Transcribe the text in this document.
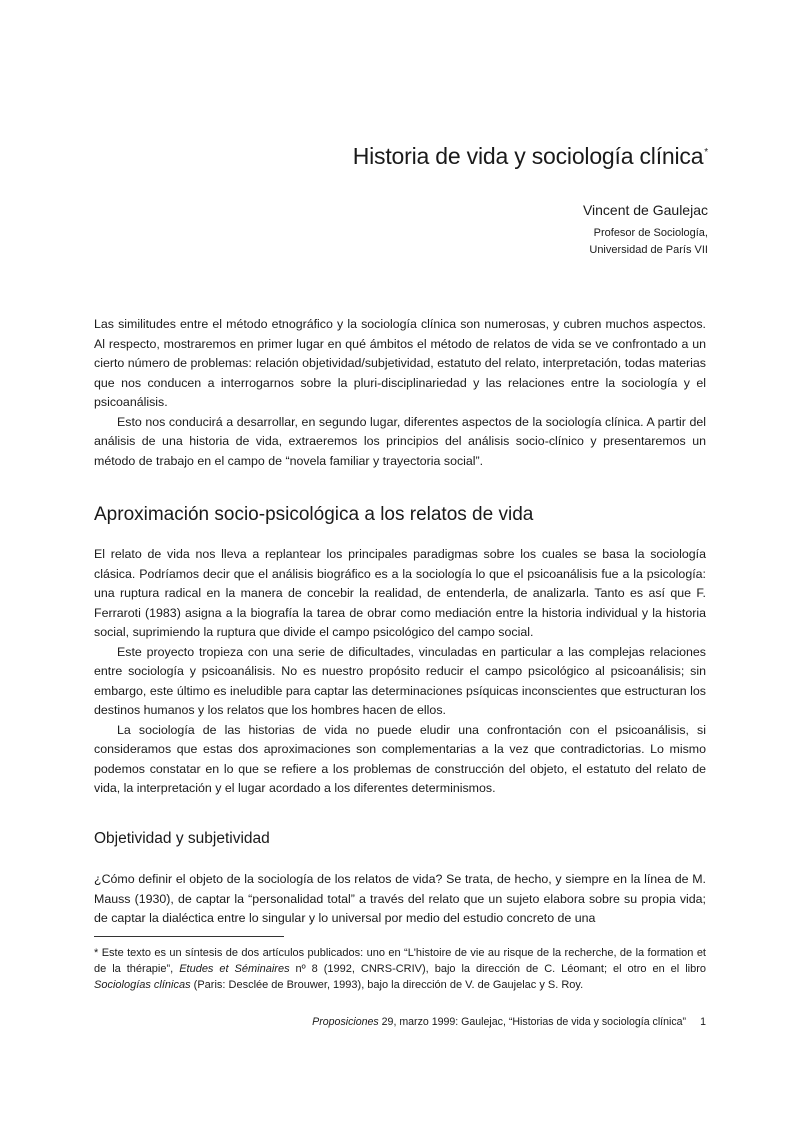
Historia de vida y sociología clínica*
Vincent de Gaulejac
Profesor de Sociología,
Universidad de París VII

Las similitudes entre el método etnográfico y la sociología clínica son numerosas, y cubren muchos aspectos. Al respecto, mostraremos en primer lugar en qué ámbitos el método de relatos de vida se ve confrontado a un cierto número de problemas: relación objetividad/subjetividad, estatuto del relato, interpretación, todas materias que nos conducen a interrogarnos sobre la pluri-disciplinariedad y las relaciones entre la sociología y el psicoanálisis.

Esto nos conducirá a desarrollar, en segundo lugar, diferentes aspectos de la sociología clínica. A partir del análisis de una historia de vida, extraeremos los principios del análisis socio-clínico y presentaremos un método de trabajo en el campo de “novela familiar y trayectoria social”.

Aproximación socio-psicológica a los relatos de vida

El relato de vida nos lleva a replantear los principales paradigmas sobre los cuales se basa la sociología clásica. Podríamos decir que el análisis biográfico es a la sociología lo que el psicoanálisis fue a la psicología: una ruptura radical en la manera de concebir la realidad, de entenderla, de analizarla. Tanto es así que F. Ferraroti (1983) asigna a la biografía la tarea de obrar como mediación entre la historia individual y la historia social, suprimiendo la ruptura que divide el campo psicológico del campo social.

Este proyecto tropieza con una serie de dificultades, vinculadas en particular a las complejas relaciones entre sociología y psicoanálisis. No es nuestro propósito reducir el campo psicológico al psicoanálisis; sin embargo, este último es ineludible para captar las determinaciones psíquicas inconscientes que estructuran los destinos humanos y los relatos que los hombres hacen de ellos.

La sociología de las historias de vida no puede eludir una confrontación con el psicoanálisis, si consideramos que estas dos aproximaciones son complementarias a la vez que contradictorias. Lo mismo podemos constatar en lo que se refiere a los problemas de construcción del objeto, el estatuto del relato de vida, la interpretación y el lugar acordado a los diferentes determinismos.

Objetividad y subjetividad

¿Cómo definir el objeto de la sociología de los relatos de vida? Se trata, de hecho, y siempre en la línea de M. Mauss (1930), de captar la “personalidad total” a través del relato que un sujeto elabora sobre su propia vida; de captar la dialéctica entre lo singular y lo universal por medio del estudio concreto de una

* Este texto es un síntesis de dos artículos publicados: uno en “L'histoire de vie au risque de la recherche, de la formation et de la thérapie”, Etudes et Séminaires nº 8 (1992, CNRS-CRIV), bajo la dirección de C. Léomant; el otro en el libro Sociologías clínicas (Paris: Desclée de Brouwer, 1993), bajo la dirección de V. de Gaujelac y S. Roy.
Proposiciones 29, marzo 1999: Gaulejac, “Historias de vida y sociología clínica” 1
